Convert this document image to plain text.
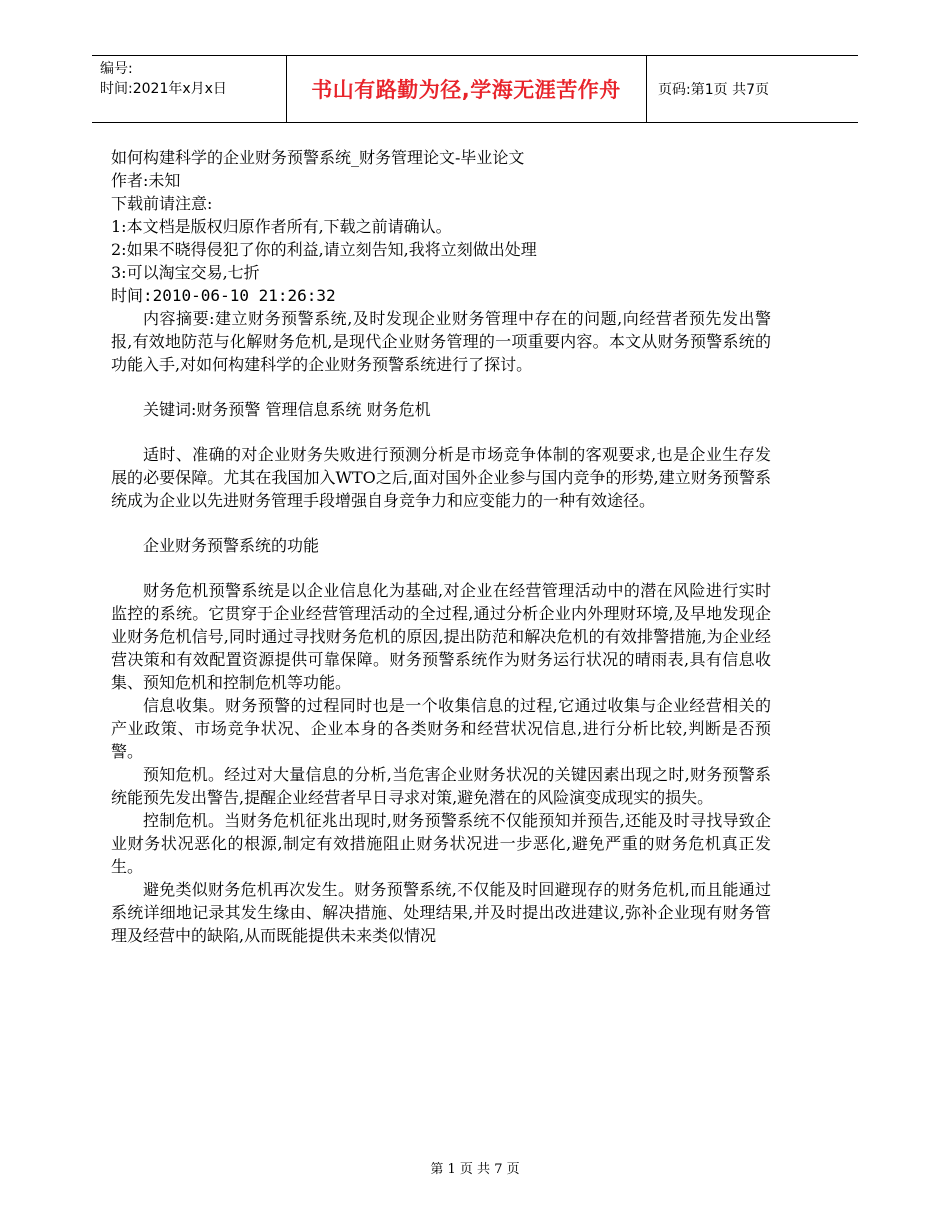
编号:
时间:2021年x月x日	书山有路勤为径,学海无涯苦作舟	页码:第1页 共7页
如何构建科学的企业财务预警系统_财务管理论文-毕业论文
作者:未知
下载前请注意:
1:本文档是版权归原作者所有,下载之前请确认。
2:如果不晓得侵犯了你的利益,请立刻告知,我将立刻做出处理
3:可以淘宝交易,七折
时间:2010-06-10 21:26:32

内容摘要:建立财务预警系统,及时发现企业财务管理中存在的问题,向经营者预先发出警报,有效地防范与化解财务危机,是现代企业财务管理的一项重要内容。本文从财务预警系统的功能入手,对如何构建科学的企业财务预警系统进行了探讨。

关键词:财务预警 管理信息系统 财务危机

适时、准确的对企业财务失败进行预测分析是市场竞争体制的客观要求,也是企业生存发展的必要保障。尤其在我国加入WTO之后,面对国外企业参与国内竞争的形势,建立财务预警系统成为企业以先进财务管理手段增强自身竞争力和应变能力的一种有效途径。

企业财务预警系统的功能

财务危机预警系统是以企业信息化为基础,对企业在经营管理活动中的潜在风险进行实时监控的系统。它贯穿于企业经营管理活动的全过程,通过分析企业内外理财环境,及早地发现企业财务危机信号,同时通过寻找财务危机的原因,提出防范和解决危机的有效排警措施,为企业经营决策和有效配置资源提供可靠保障。财务预警系统作为财务运行状况的晴雨表,具有信息收集、预知危机和控制危机等功能。

信息收集。财务预警的过程同时也是一个收集信息的过程,它通过收集与企业经营相关的产业政策、市场竞争状况、企业本身的各类财务和经营状况信息,进行分析比较,判断是否预警。

预知危机。经过对大量信息的分析,当危害企业财务状况的关键因素出现之时,财务预警系统能预先发出警告,提醒企业经营者早日寻求对策,避免潜在的风险演变成现实的损失。

控制危机。当财务危机征兆出现时,财务预警系统不仅能预知并预告,还能及时寻找导致企业财务状况恶化的根源,制定有效措施阻止财务状况进一步恶化,避免严重的财务危机真正发生。

避免类似财务危机再次发生。财务预警系统,不仅能及时回避现存的财务危机,而且能通过系统详细地记录其发生缘由、解决措施、处理结果,并及时提出改进建议,弥补企业现有财务管理及经营中的缺陷,从而既能提供未来类似情况

第 1 页 共 7 页
